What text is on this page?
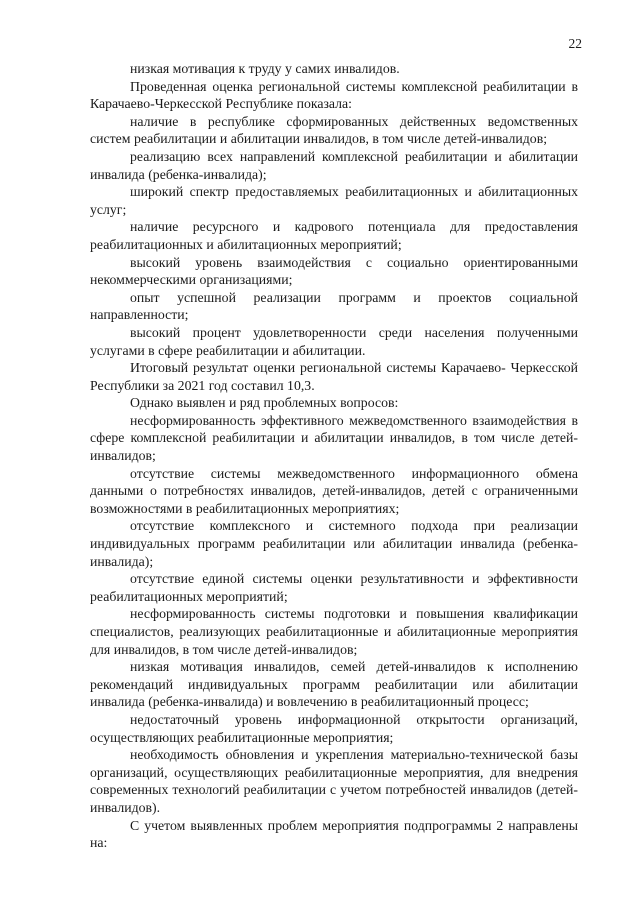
22

низкая мотивация к труду у самих инвалидов.

Проведенная оценка региональной системы комплексной реабилитации в Карачаево-Черкесской Республике показала:

наличие в республике сформированных действенных ведомственных систем реабилитации и абилитации инвалидов, в том числе детей-инвалидов;

реализацию всех направлений комплексной реабилитации и абилитации инвалида (ребенка-инвалида);

широкий спектр предоставляемых реабилитационных и абилитационных услуг;

наличие ресурсного и кадрового потенциала для предоставления реабилитационных и абилитационных мероприятий;

высокий уровень взаимодействия с социально ориентированными некоммерческими организациями;

опыт успешной реализации программ и проектов социальной направленности;

высокий процент удовлетворенности среди населения полученными услугами в сфере реабилитации и абилитации.

Итоговый результат оценки региональной системы Карачаево- Черкесской Республики за 2021 год составил 10,3.

Однако выявлен и ряд проблемных вопросов:

несформированность эффективного межведомственного взаимодействия в сфере комплексной реабилитации и абилитации инвалидов, в том числе детей-инвалидов;

отсутствие системы межведомственного информационного обмена данными о потребностях инвалидов, детей-инвалидов, детей с ограниченными возможностями в реабилитационных мероприятиях;

отсутствие комплексного и системного подхода при реализации индивидуальных программ реабилитации или абилитации инвалида (ребенка-инвалида);

отсутствие единой системы оценки результативности и эффективности реабилитационных мероприятий;

несформированность системы подготовки и повышения квалификации специалистов, реализующих реабилитационные и абилитационные мероприятия для инвалидов, в том числе детей-инвалидов;

низкая мотивация инвалидов, семей детей-инвалидов к исполнению рекомендаций индивидуальных программ реабилитации или абилитации инвалида (ребенка-инвалида) и вовлечению в реабилитационный процесс;

недостаточный уровень информационной открытости организаций, осуществляющих реабилитационные мероприятия;

необходимость обновления и укрепления материально-технической базы организаций, осуществляющих реабилитационные мероприятия, для внедрения современных технологий реабилитации с учетом потребностей инвалидов (детей-инвалидов).

С учетом выявленных проблем мероприятия подпрограммы 2 направлены на:
